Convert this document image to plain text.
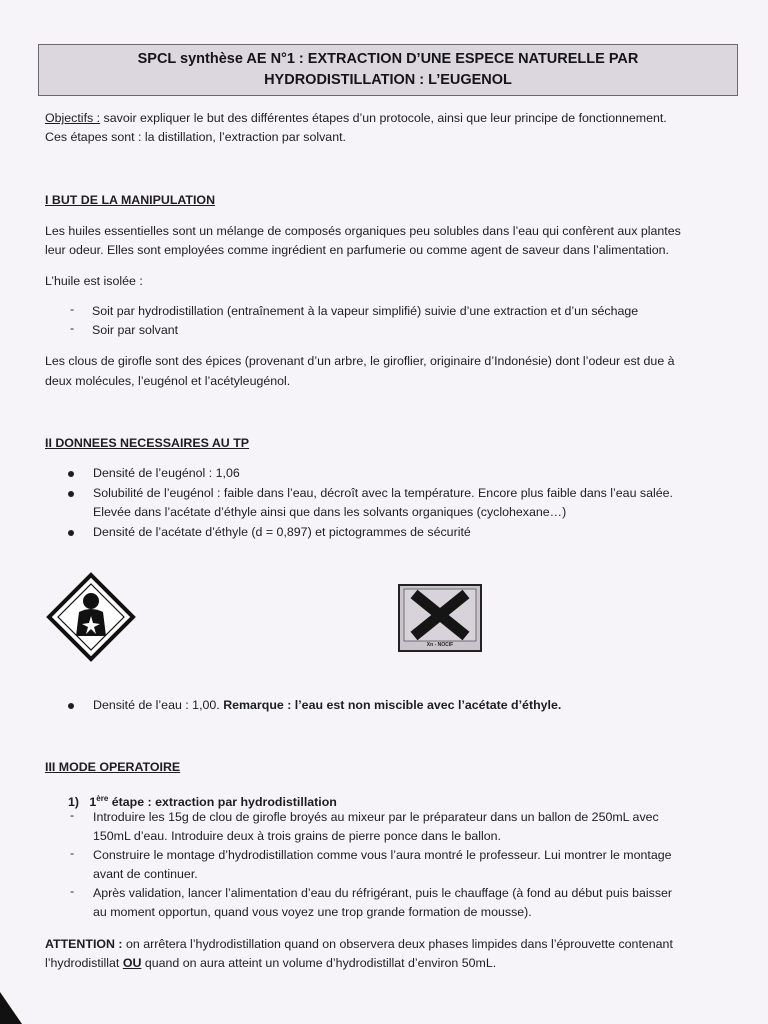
SPCL synthèse AE N°1 : EXTRACTION D’UNE ESPECE NATURELLE PAR
HYDRODISTILLATION : L’EUGENOL
Objectifs : savoir expliquer le but des différentes étapes d’un protocole, ainsi que leur principe de fonctionnement.
Ces étapes sont : la distillation, l’extraction par solvant.
I BUT DE LA MANIPULATION
Les huiles essentielles sont un mélange de composés organiques peu solubles dans l’eau qui confèrent aux plantes
leur odeur. Elles sont employées comme ingrédient en parfumerie ou comme agent de saveur dans l’alimentation.
L’huile est isolée :
- Soit par hydrodistillation (entraînement à la vapeur simplifié) suivie d’une extraction et d’un séchage
- Soir par solvant
Les clous de girofle sont des épices (provenant d’un arbre, le giroflier, originaire d’Indonésie) dont l’odeur est due à
deux molécules, l’eugénol et l’acétyleugénol.
II DONNEES NECESSAIRES AU TP
Densité de l’eugénol : 1,06
Solubilité de l’eugénol : faible dans l’eau, décroît avec la température. Encore plus faible dans l’eau salée.
Elevée dans l’acétate d’éthyle ainsi que dans les solvants organiques (cyclohexane…)
Densité de l’acétate d’éthyle (d = 0,897) et pictogrammes de sécurité
Xn - NOCIF
Densité de l’eau : 1,00. Remarque : l’eau est non miscible avec l’acétate d’éthyle.
III MODE OPERATOIRE
1) 1ère étape : extraction par hydrodistillation
- Introduire les 15g de clou de girofle broyés au mixeur par le préparateur dans un ballon de 250mL avec
150mL d’eau. Introduire deux à trois grains de pierre ponce dans le ballon.
- Construire le montage d’hydrodistillation comme vous l’aura montré le professeur. Lui montrer le montage
avant de continuer.
- Après validation, lancer l’alimentation d’eau du réfrigérant, puis le chauffage (à fond au début puis baisser
au moment opportun, quand vous voyez une trop grande formation de mousse).
ATTENTION : on arrêtera l’hydrodistillation quand on observera deux phases limpides dans l’éprouvette contenant
l’hydrodistillat OU quand on aura atteint un volume d’hydrodistillat d’environ 50mL.
